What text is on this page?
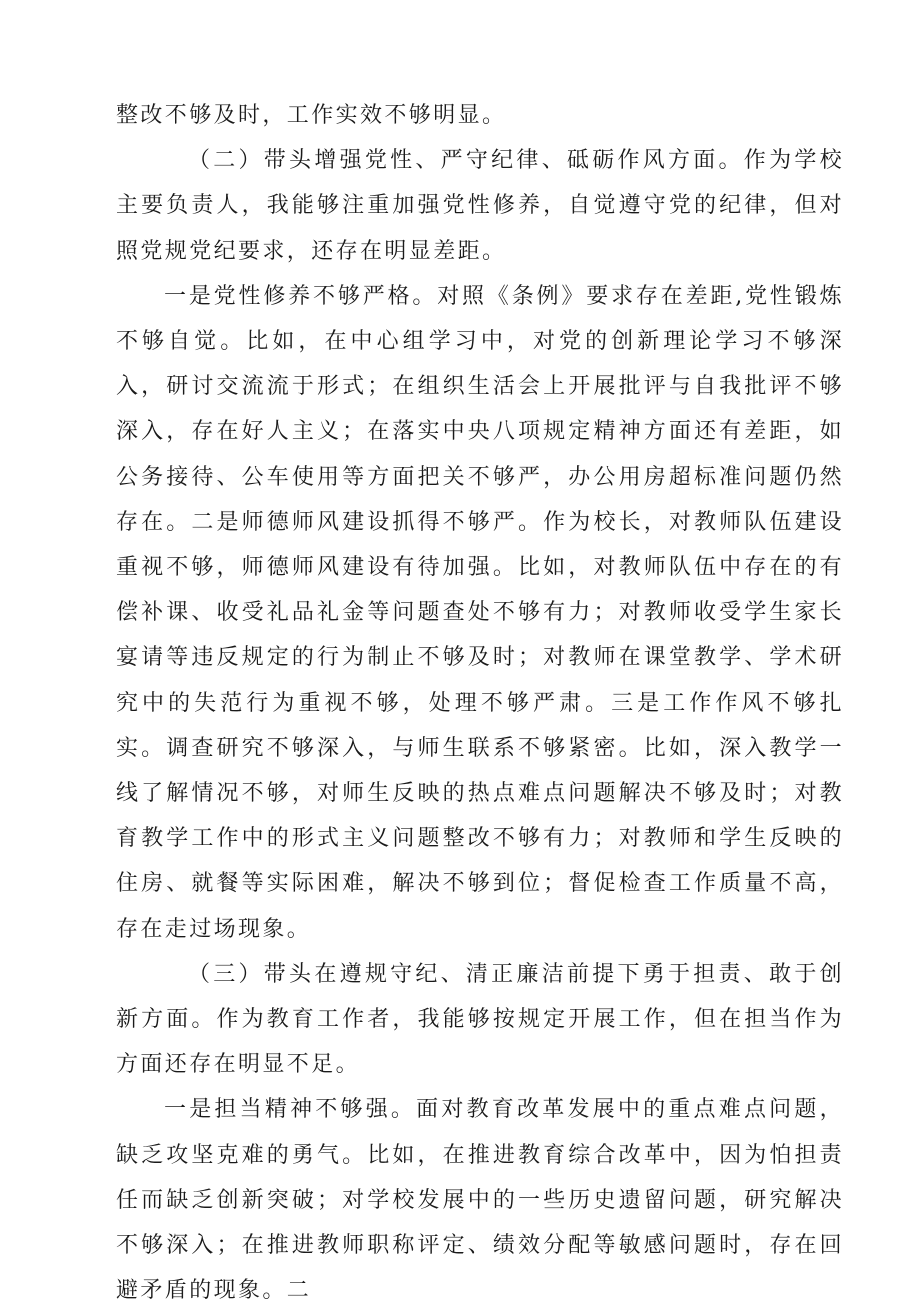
整改不够及时，工作实效不够明显。

（二）带头增强党性、严守纪律、砥砺作风方面。作为学校主要负责人，我能够注重加强党性修养，自觉遵守党的纪律，但对照党规党纪要求，还存在明显差距。

一是党性修养不够严格。对照《条例》要求存在差距,党性锻炼不够自觉。比如，在中心组学习中，对党的创新理论学习不够深入，研讨交流流于形式；在组织生活会上开展批评与自我批评不够深入，存在好人主义；在落实中央八项规定精神方面还有差距，如公务接待、公车使用等方面把关不够严，办公用房超标准问题仍然存在。二是师德师风建设抓得不够严。作为校长，对教师队伍建设重视不够，师德师风建设有待加强。比如，对教师队伍中存在的有偿补课、收受礼品礼金等问题查处不够有力；对教师收受学生家长宴请等违反规定的行为制止不够及时；对教师在课堂教学、学术研究中的失范行为重视不够，处理不够严肃。三是工作作风不够扎实。调查研究不够深入，与师生联系不够紧密。比如，深入教学一线了解情况不够，对师生反映的热点难点问题解决不够及时；对教育教学工作中的形式主义问题整改不够有力；对教师和学生反映的住房、就餐等实际困难，解决不够到位；督促检查工作质量不高，存在走过场现象。

（三）带头在遵规守纪、清正廉洁前提下勇于担责、敢于创新方面。作为教育工作者，我能够按规定开展工作，但在担当作为方面还存在明显不足。

一是担当精神不够强。面对教育改革发展中的重点难点问题，缺乏攻坚克难的勇气。比如，在推进教育综合改革中，因为怕担责任而缺乏创新突破；对学校发展中的一些历史遗留问题，研究解决不够深入；在推进教师职称评定、绩效分配等敏感问题时，存在回避矛盾的现象。二
